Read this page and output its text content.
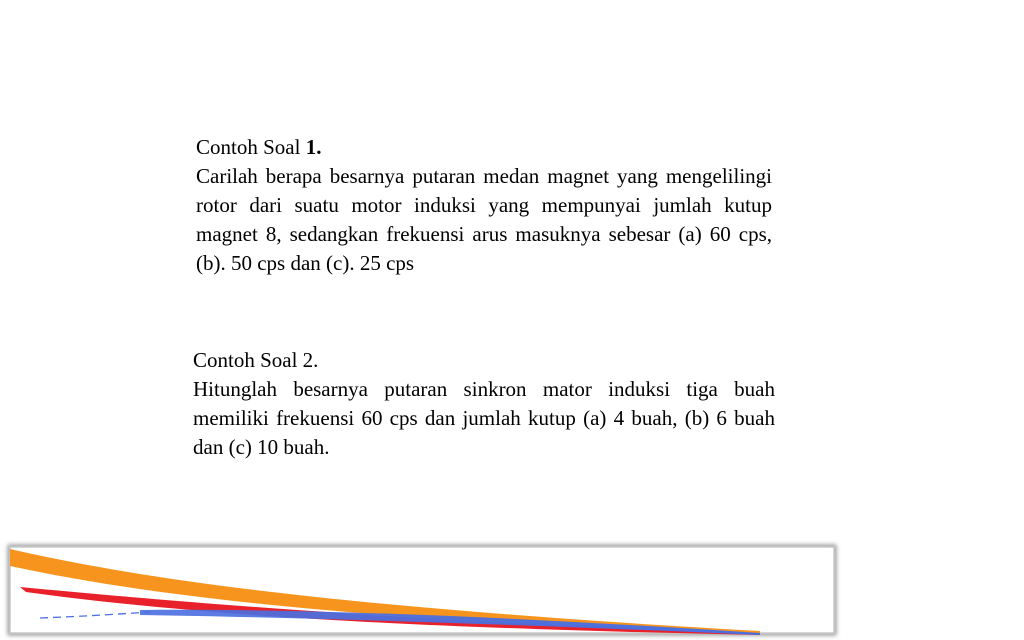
Contoh Soal 1.
Carilah berapa besarnya putaran medan magnet yang mengelilingi rotor dari suatu motor induksi yang mempunyai jumlah kutup magnet 8, sedangkan frekuensi arus masuknya sebesar (a) 60 cps, (b). 50 cps dan (c). 25 cps
Contoh Soal 2.
Hitunglah besarnya putaran sinkron mator induksi tiga buah memiliki frekuensi 60 cps dan jumlah kutup (a) 4 buah, (b) 6 buah dan (c) 10 buah.
